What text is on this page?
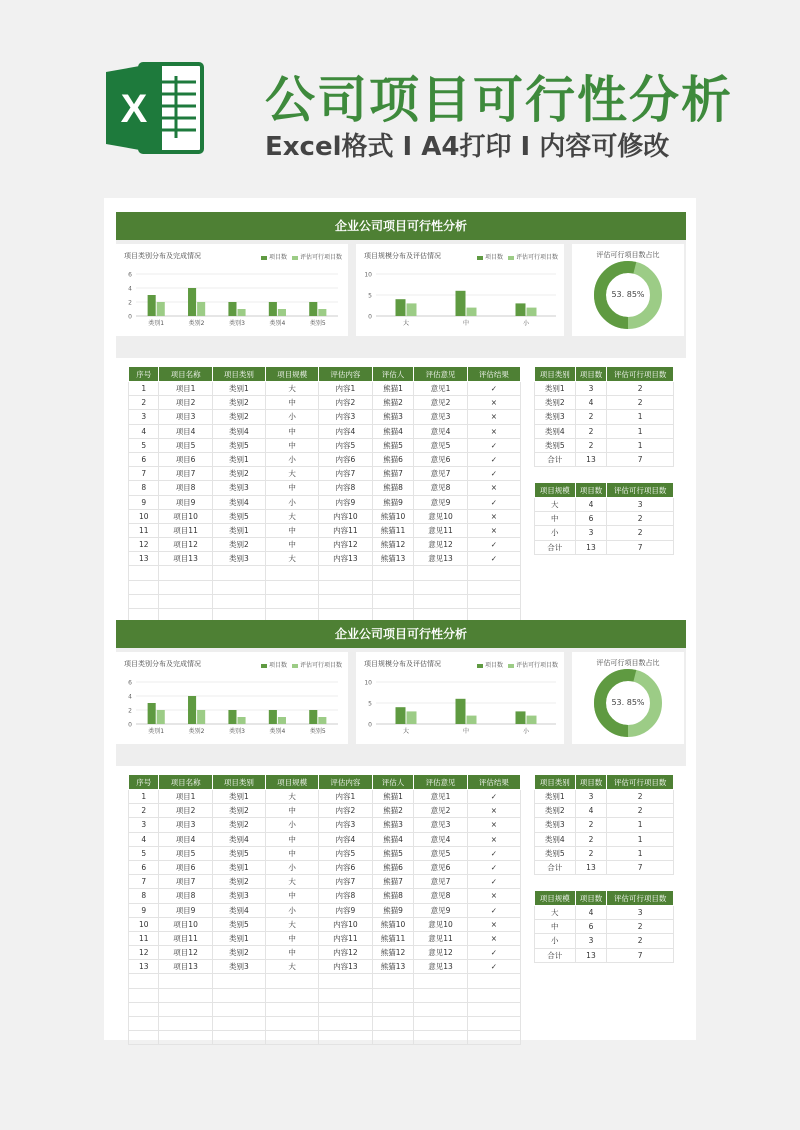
X 公司项目可行性分析
Excel格式 I A4打印 I 内容可修改
企业公司项目可行性分析
项目类别分布及完成情况	项目数 评估可行项目数
0
2
4
6
类别1	类别2	类别3	类别4	类别5
项目规模分布及评估情况	项目数 评估可行项目数
0
5
10
大	中	小
评估可行项目数占比
53. 85%
序号	项目名称	项目类别	项目规模	评估内容	评估人	评估意见	评估结果
1	项目1	类别1	大	内容1	熊猫1	意见1	✓
2	项目2	类别2	中	内容2	熊猫2	意见2	×
3	项目3	类别2	小	内容3	熊猫3	意见3	×
4	项目4	类别4	中	内容4	熊猫4	意见4	×
5	项目5	类别5	中	内容5	熊猫5	意见5	✓
6	项目6	类别1	小	内容6	熊猫6	意见6	✓
7	项目7	类别2	大	内容7	熊猫7	意见7	✓
8	项目8	类别3	中	内容8	熊猫8	意见8	×
9	项目9	类别4	小	内容9	熊猫9	意见9	✓
10	项目10	类别5	大	内容10	熊猫10	意见10	×
11	项目11	类别1	中	内容11	熊猫11	意见11	×
12	项目12	类别2	中	内容12	熊猫12	意见12	✓
13	项目13	类别3	大	内容13	熊猫13	意见13	✓

项目类别	项目数	评估可行项目数
类别1	3	2
类别2	4	2
类别3	2	1
类别4	2	1
类别5	2	1
合计	13	7
项目规模	项目数	评估可行项目数
大	4	3
中	6	2
小	3	2
合计	13	7
企业公司项目可行性分析
项目类别分布及完成情况	项目数 评估可行项目数
0
2
4
6
类别1	类别2	类别3	类别4	类别5
项目规模分布及评估情况	项目数 评估可行项目数
0
5
10
大	中	小
评估可行项目数占比
53. 85%
序号	项目名称	项目类别	项目规模	评估内容	评估人	评估意见	评估结果
1	项目1	类别1	大	内容1	熊猫1	意见1	✓
2	项目2	类别2	中	内容2	熊猫2	意见2	×
3	项目3	类别2	小	内容3	熊猫3	意见3	×
4	项目4	类别4	中	内容4	熊猫4	意见4	×
5	项目5	类别5	中	内容5	熊猫5	意见5	✓
6	项目6	类别1	小	内容6	熊猫6	意见6	✓
7	项目7	类别2	大	内容7	熊猫7	意见7	✓
8	项目8	类别3	中	内容8	熊猫8	意见8	×
9	项目9	类别4	小	内容9	熊猫9	意见9	✓
10	项目10	类别5	大	内容10	熊猫10	意见10	×
11	项目11	类别1	中	内容11	熊猫11	意见11	×
12	项目12	类别2	中	内容12	熊猫12	意见12	✓
13	项目13	类别3	大	内容13	熊猫13	意见13	✓

项目类别	项目数	评估可行项目数
类别1	3	2
类别2	4	2
类别3	2	1
类别4	2	1
类别5	2	1
合计	13	7
项目规模	项目数	评估可行项目数
大	4	3
中	6	2
小	3	2
合计	13	7
